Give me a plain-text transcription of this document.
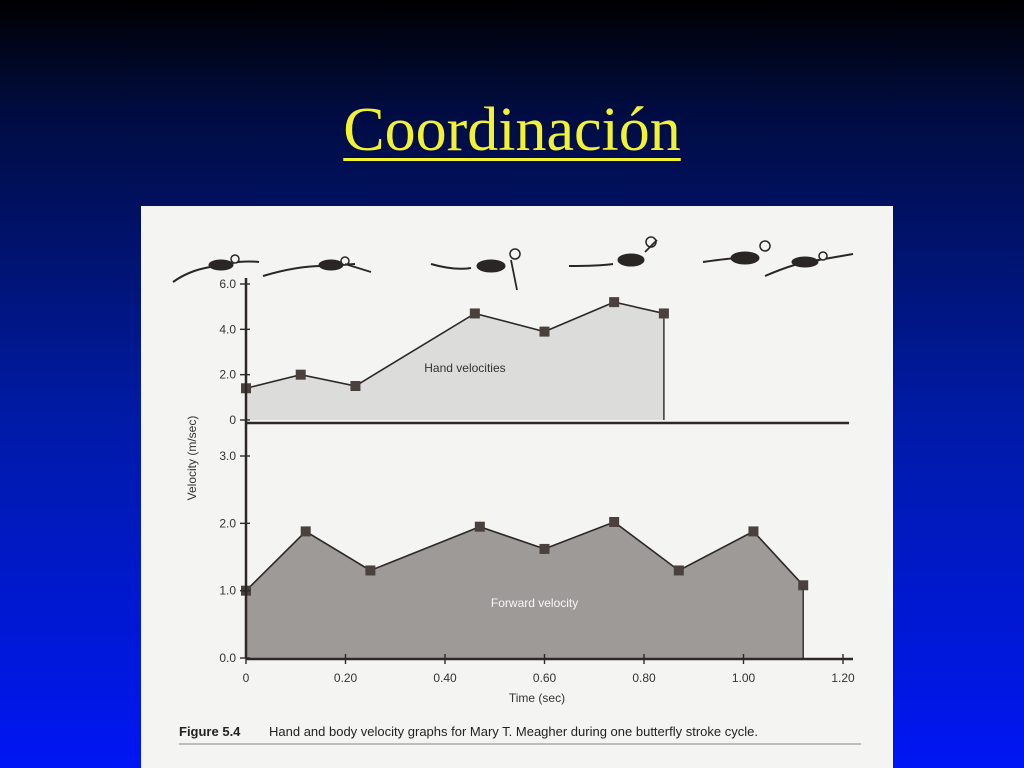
Coordinación
Hand velocities
Forward velocity
0
2.0
4.0
6.0
0.0
1.0
2.0
3.0
0	0.20	0.40	0.60	0.80	1.00	1.20
Velocity (m/sec)
Time (sec)
Figure 5.4 Hand and body velocity graphs for Mary T. Meagher during one butterfly stroke cycle.
